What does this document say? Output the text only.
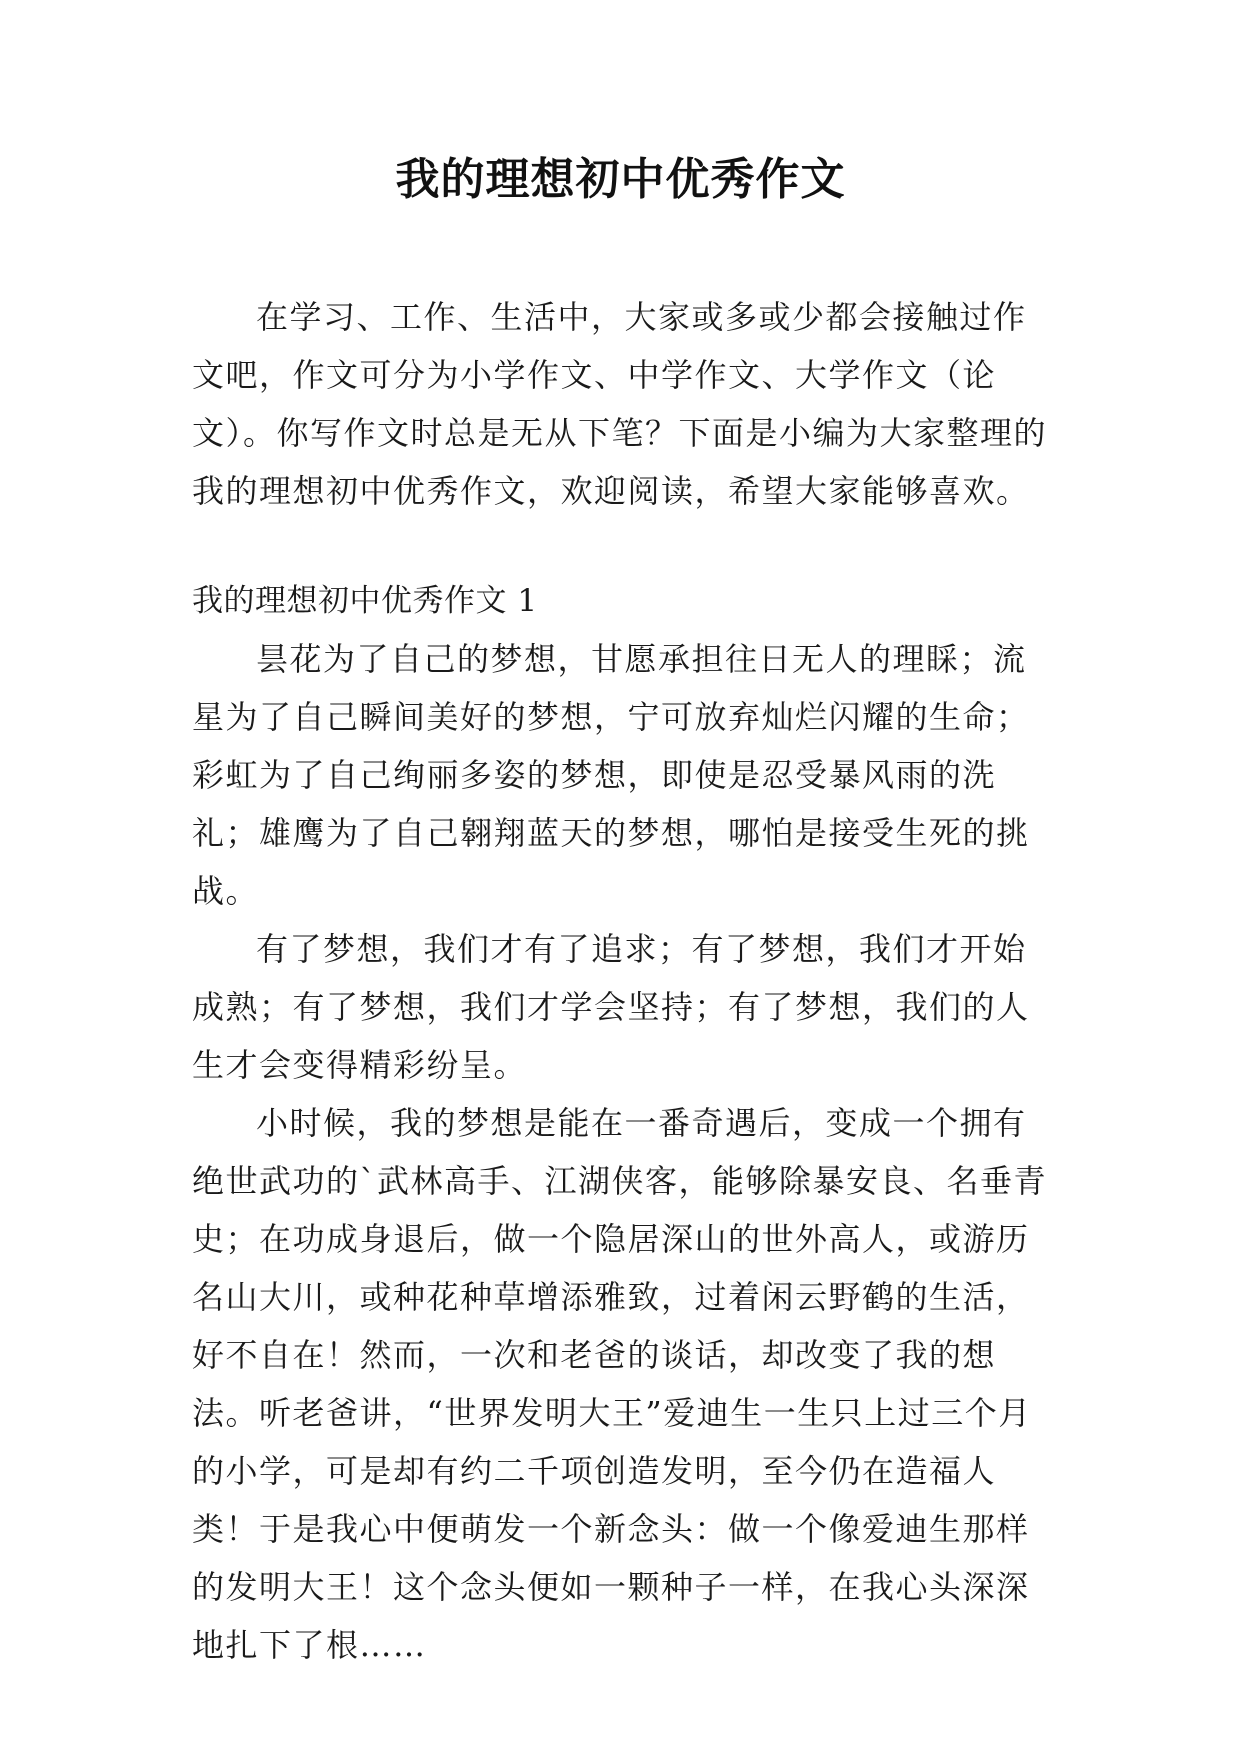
我的理想初中优秀作文

在学习、工作、生活中，大家或多或少都会接触过作文吧，作文可分为小学作文、中学作文、大学作文（论文）。你写作文时总是无从下笔？下面是小编为大家整理的我的理想初中优秀作文，欢迎阅读，希望大家能够喜欢。

我的理想初中优秀作文 1

昙花为了自己的梦想，甘愿承担往日无人的理睬；流星为了自己瞬间美好的梦想，宁可放弃灿烂闪耀的生命；彩虹为了自己绚丽多姿的梦想，即使是忍受暴风雨的洗礼；雄鹰为了自己翱翔蓝天的梦想，哪怕是接受生死的挑战。

有了梦想，我们才有了追求；有了梦想，我们才开始成熟；有了梦想，我们才学会坚持；有了梦想，我们的人生才会变得精彩纷呈。

小时候，我的梦想是能在一番奇遇后，变成一个拥有绝世武功的`武林高手、江湖侠客，能够除暴安良、名垂青史；在功成身退后，做一个隐居深山的世外高人，或游历名山大川，或种花种草增添雅致，过着闲云野鹤的生活，好不自在！然而，一次和老爸的谈话，却改变了我的想法。听老爸讲，“世界发明大王”爱迪生一生只上过三个月的小学，可是却有约二千项创造发明，至今仍在造福人类！于是我心中便萌发一个新念头：做一个像爱迪生那样的发明大王！这个念头便如一颗种子一样，在我心头深深地扎下了根……
